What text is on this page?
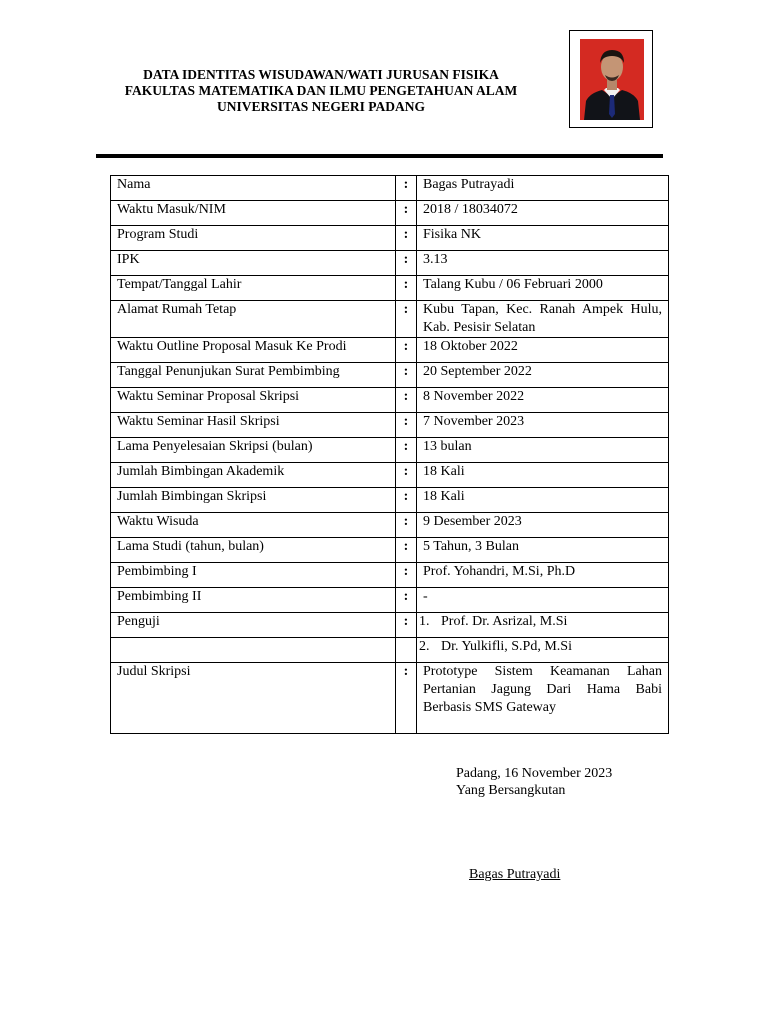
DATA IDENTITAS WISUDAWAN/WATI JURUSAN FISIKA
FAKULTAS MATEMATIKA DAN ILMU PENGETAHUAN ALAM
UNIVERSITAS NEGERI PADANG
Nama	:	Bagas Putrayadi
Waktu Masuk/NIM	:	2018 / 18034072
Program Studi	:	Fisika NK
IPK	:	3.13
Tempat/Tanggal Lahir	:	Talang Kubu / 06 Februari 2000
Alamat Rumah Tetap	:	Kubu Tapan, Kec. Ranah Ampek Hulu, Kab. Pesisir Selatan
Waktu Outline Proposal Masuk Ke Prodi	:	18 Oktober 2022
Tanggal Penunjukan Surat Pembimbing	:	20 September 2022
Waktu Seminar Proposal Skripsi	:	8 November 2022
Waktu Seminar Hasil Skripsi	:	7 November 2023
Lama Penyelesaian Skripsi (bulan)	:	13 bulan
Jumlah Bimbingan Akademik	:	18 Kali
Jumlah Bimbingan Skripsi	:	18 Kali
Waktu Wisuda	:	9 Desember 2023
Lama Studi (tahun, bulan)	:	5 Tahun, 3 Bulan
Pembimbing I	:	Prof. Yohandri, M.Si, Ph.D
Pembimbing II	:	-
Penguji	:	1. Prof. Dr. Asrizal, M.Si
		2. Dr. Yulkifli, S.Pd, M.Si
Judul Skripsi	:	Prototype Sistem Keamanan Lahan Pertanian Jagung Dari Hama Babi Berbasis SMS Gateway
Padang, 16 November 2023
Yang Bersangkutan
Bagas Putrayadi
